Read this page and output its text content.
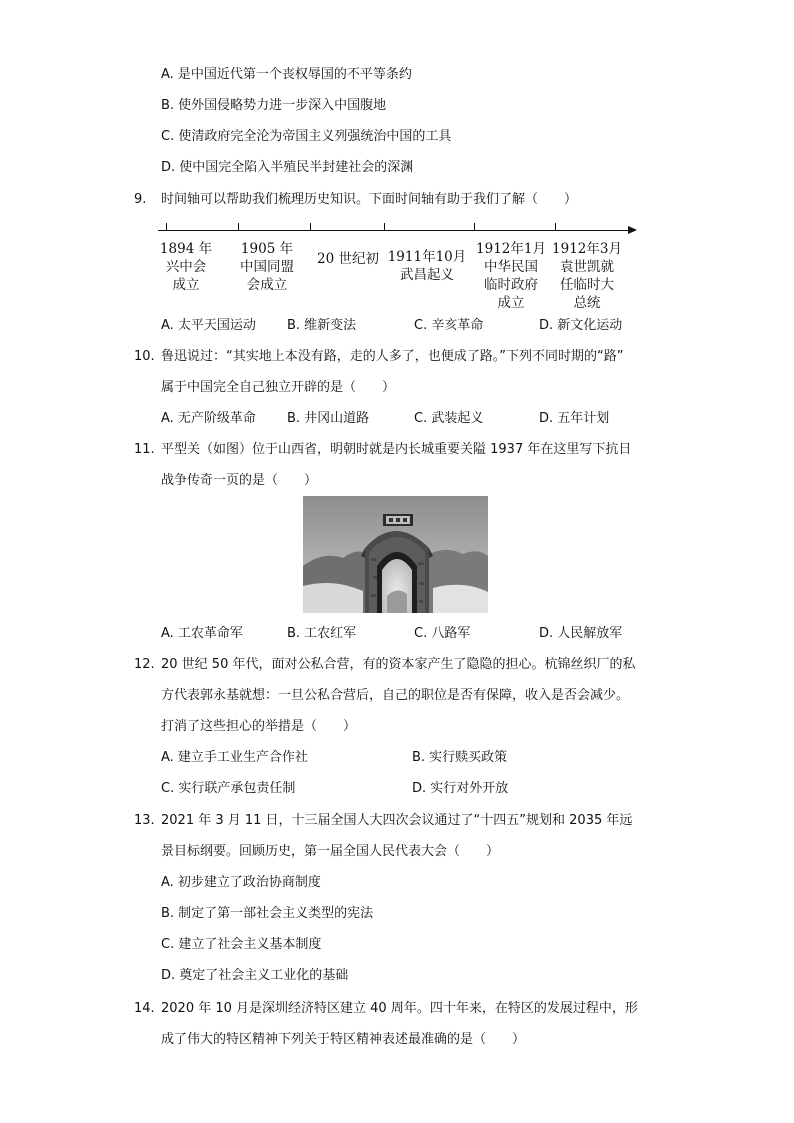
A. 是中国近代第一个丧权辱国的不平等条约
B. 使外国侵略势力进一步深入中国腹地
C. 使清政府完全沦为帝国主义列强统治中国的工具
D. 使中国完全陷入半殖民半封建社会的深渊
9. 时间轴可以帮助我们梳理历史知识。下面时间轴有助于我们了解（　　）
1894 年
兴中会
成立
1905 年
中国同盟
会成立
20 世纪初 1911年10月
武昌起义
1912年1月
中华民国
临时政府
成立
1912年3月
袁世凯就
任临时大
总统
A. 太平天国运动 B. 维新变法	C. 辛亥革命	D. 新文化运动
10. 鲁迅说过：“其实地上本没有路，走的人多了，也便成了路。”下列不同时期的“路”
属于中国完全自己独立开辟的是（　　）
A. 无产阶级革命 B. 井冈山道路	C. 武装起义	D. 五年计划
11. 平型关（如图）位于山西省，明朝时就是内长城重要关隘 1937 年在这里写下抗日
战争传奇一页的是（　　）
A. 工农革命军	B. 工农红军	C. 八路军	D. 人民解放军
12. 20 世纪 50 年代，面对公私合营，有的资本家产生了隐隐的担心。杭锦丝织厂的私
方代表郭永基就想：一旦公私合营后，自己的职位是否有保障，收入是否会减少。
打消了这些担心的举措是（　　）
A. 建立手工业生产合作社	B. 实行赎买政策
C. 实行联产承包责任制	D. 实行对外开放
13. 2021 年 3 月 11 日，十三届全国人大四次会议通过了“十四五”规划和 2035 年远
景目标纲要。回顾历史，第一届全国人民代表大会（　　）
A. 初步建立了政治协商制度
B. 制定了第一部社会主义类型的宪法
C. 建立了社会主义基本制度
D. 奠定了社会主义工业化的基础
14. 2020 年 10 月是深圳经济特区建立 40 周年。四十年来，在特区的发展过程中，形
成了伟大的特区精神下列关于特区精神表述最准确的是（　　）
